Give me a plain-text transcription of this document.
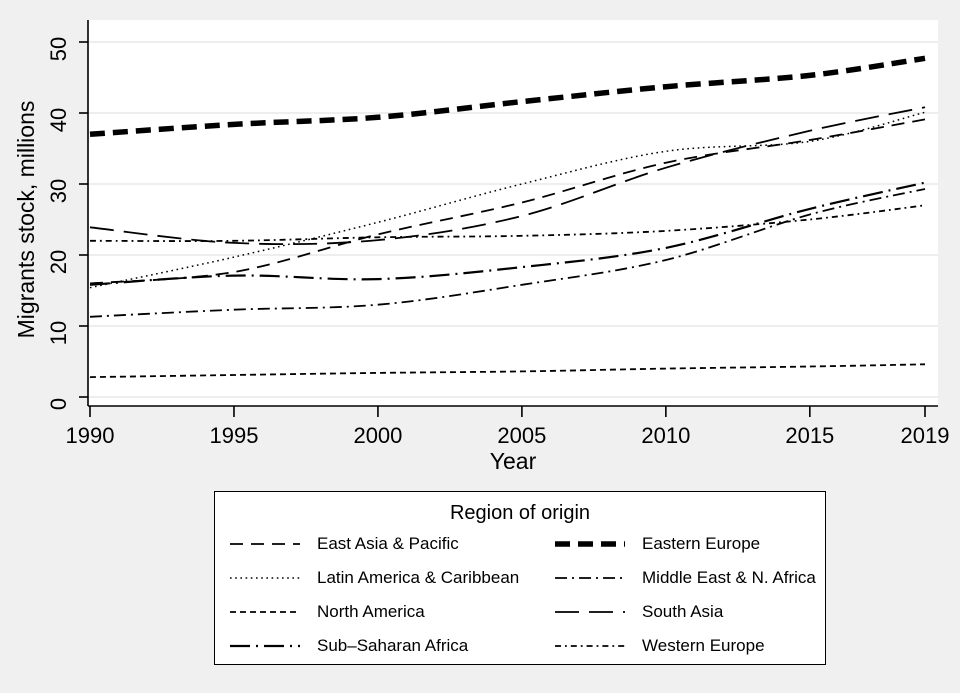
0
10
20
30
40
50
1990	1995	2000	2005	2010	2015	2019
Year
Migrants stock, millions
Region of origin
East Asia & Pacific	Eastern Europe
Latin America & Caribbean	Middle East & N. Africa
North America	South Asia
Sub–Saharan Africa	Western Europe
